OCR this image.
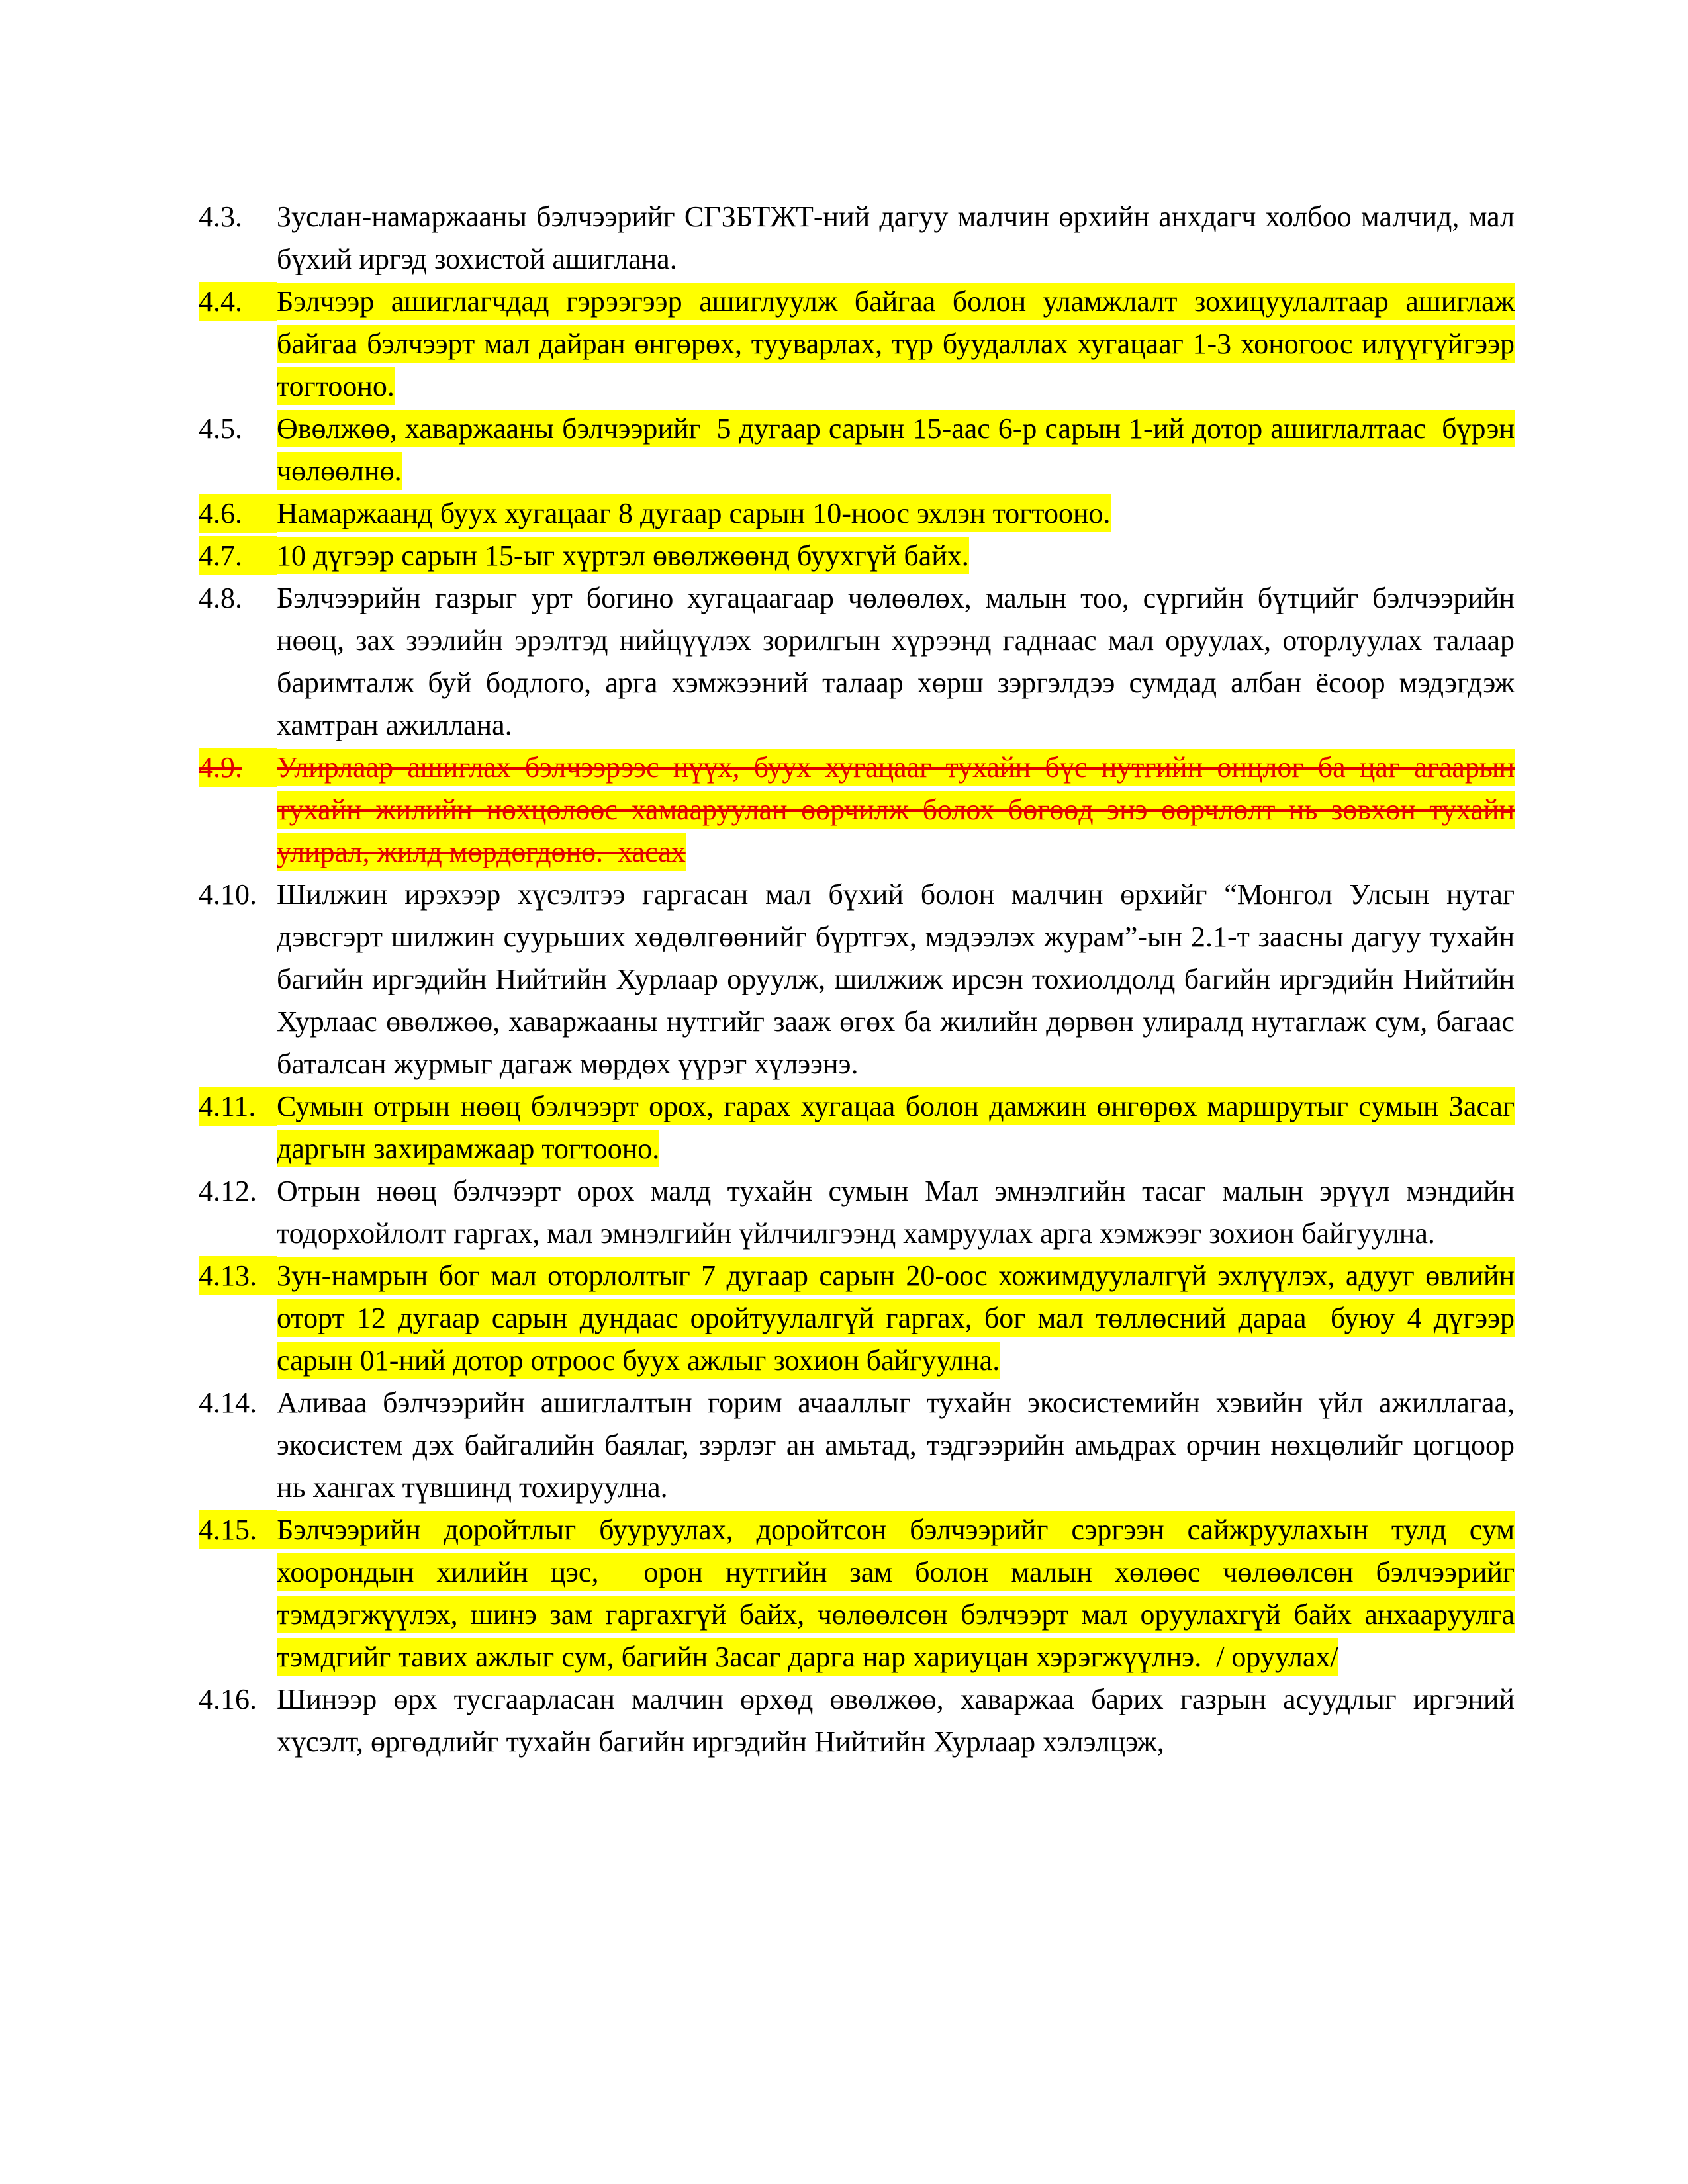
4.3. Зуслан-намаржааны бэлчээрийг СГЗБТЖТ-ний дагуу малчин өрхийн анхдагч холбоо малчид, мал бүхий иргэд зохистой ашиглана.

4.4. Бэлчээр ашиглагчдад гэрээгээр ашиглуулж байгаа болон уламжлалт зохицуулалтаар ашиглаж байгаа бэлчээрт мал дайран өнгөрөх, тууварлах, түр буудаллах хугацааг 1-3 хоногоос илүүгүйгээр тогтооно.

4.5. Өвөлжөө, хаваржааны бэлчээрийг  5 дугаар сарын 15-аас 6-р сарын 1-ий дотор ашиглалтаас  бүрэн чөлөөлнө.

4.6. Намаржаанд буух хугацааг 8 дугаар сарын 10-ноос эхлэн тогтооно.

4.7. 10 дүгээр сарын 15-ыг хүртэл өвөлжөөнд буухгүй байх.

4.8. Бэлчээрийн газрыг урт богино хугацаагаар чөлөөлөх, малын тоо, сүргийн бүтцийг бэлчээрийн нөөц, зах зээлийн эрэлтэд нийцүүлэх зорилгын хүрээнд гаднаас мал оруулах, оторлуулах талаар баримталж буй бодлого, арга хэмжээний талаар хөрш зэргэлдээ сумдад албан ёсоор мэдэгдэж хамтран ажиллана.

4.9. Улирлаар ашиглах бэлчээрээс нүүх, буух хугацааг тухайн бүс нутгийн онцлог ба цаг агаарын тухайн жилийн нөхцөлөөс хамааруулан өөрчилж болох бөгөөд энэ өөрчлөлт нь зөвхөн тухайн улирал, жилд мөрдөгдөнө.  хасах

4.10. Шилжин ирэхээр хүсэлтээ гаргасан мал бүхий болон малчин өрхийг “Монгол Улсын нутаг дэвсгэрт шилжин суурьших хөдөлгөөнийг бүртгэх, мэдээлэх журам”-ын 2.1-т заасны дагуу тухайн багийн иргэдийн Нийтийн Хурлаар оруулж, шилжиж ирсэн тохиолдолд багийн иргэдийн Нийтийн Хурлаас өвөлжөө, хаваржааны нутгийг зааж өгөх ба жилийн дөрвөн улиралд нутаглаж сум, багаас баталсан журмыг дагаж мөрдөх үүрэг хүлээнэ.

4.11. Сумын отрын нөөц бэлчээрт орох, гарах хугацаа болон дамжин өнгөрөх маршрутыг сумын Засаг даргын захирамжаар тогтооно.

4.12. Отрын нөөц бэлчээрт орох малд тухайн сумын Мал эмнэлгийн тасаг малын эрүүл мэндийн тодорхойлолт гаргах, мал эмнэлгийн үйлчилгээнд хамруулах арга хэмжээг зохион байгуулна.

4.13. Зун-намрын бог мал оторлолтыг 7 дугаар сарын 20-оос хожимдуулалгүй эхлүүлэх, адууг өвлийн оторт 12 дугаар сарын дундаас оройтуулалгүй гаргах, бог мал төллөсний дараа  буюу 4 дүгээр сарын 01-ний дотор отроос буух ажлыг зохион байгуулна.

4.14. Аливаа бэлчээрийн ашиглалтын горим ачааллыг тухайн экосистемийн хэвийн үйл ажиллагаа, экосистем дэх байгалийн баялаг, зэрлэг ан амьтад, тэдгээрийн амьдрах орчин нөхцөлийг цогцоор нь хангах түвшинд тохируулна.

4.15. Бэлчээрийн доройтлыг бууруулах, доройтсон бэлчээрийг сэргээн сайжруулахын тулд сум хоорондын хилийн цэс,  орон нутгийн зам болон малын хөлөөс чөлөөлсөн бэлчээрийг тэмдэгжүүлэх, шинэ зам гаргахгүй байх, чөлөөлсөн бэлчээрт мал оруулахгүй байх анхааруулга тэмдгийг тавих ажлыг сум, багийн Засаг дарга нар хариуцан хэрэгжүүлнэ.  / оруулах/

4.16. Шинээр өрх тусгаарласан малчин өрхөд өвөлжөө, хаваржаа барих газрын асуудлыг иргэний хүсэлт, өргөдлийг тухайн багийн иргэдийн Нийтийн Хурлаар хэлэлцэж,
